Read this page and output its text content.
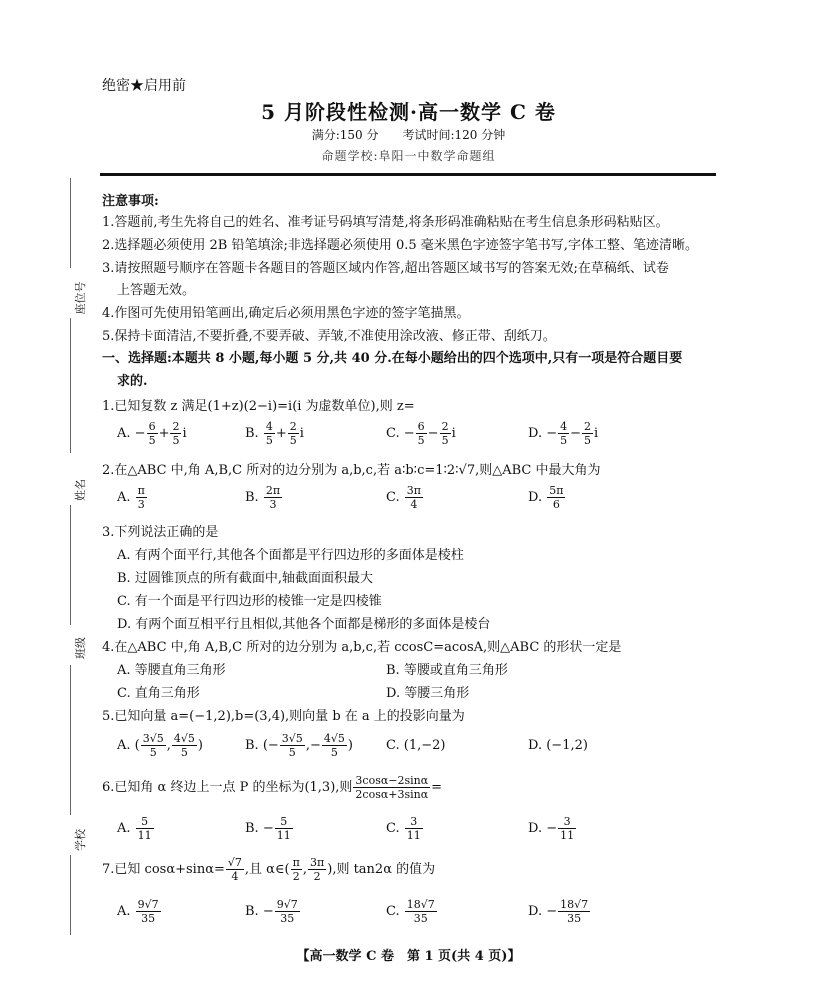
绝密★启用前
5 月阶段性检测·高一数学 C 卷
满分:150 分　　考试时间:120 分钟
命题学校:阜阳一中数学命题组
座位号
姓名
班级
学校
注意事项:
1.答题前,考生先将自己的姓名、准考证号码填写清楚,将条形码准确粘贴在考生信息条形码粘贴区。
2.选择题必须使用 2B 铅笔填涂;非选择题必须使用 0.5 毫米黑色字迹签字笔书写,字体工整、笔迹清晰。
3.请按照题号顺序在答题卡各题目的答题区域内作答,超出答题区域书写的答案无效;在草稿纸、试卷
上答题无效。
4.作图可先使用铅笔画出,确定后必须用黑色字迹的签字笔描黑。
5.保持卡面清洁,不要折叠,不要弄破、弄皱,不准使用涂改液、修正带、刮纸刀。
一、选择题:本题共 8 小题,每小题 5 分,共 40 分.在每小题给出的四个选项中,只有一项是符合题目要
求的.
1.已知复数 z 满足(1+z)(2−i)=i(i 为虚数单位),则 z=
A. − $\frac{6}{5} + \frac{2}{5}$ i	B. $\frac{4}{5} + \frac{2}{5}$ i	C. − $\frac{6}{5} - \frac{2}{5}$ i	D. − $\frac{4}{5} - \frac{2}{5}$ i
2.在△ABC 中,角 A,B,C 所对的边分别为 a,b,c,若 a∶b∶c=1∶2∶√7,则△ABC 中最大角为
A. $\frac{\pi}{3}$	B. $\frac{2\pi}{3}$	C. $\frac{3\pi}{4}$	D. $\frac{5\pi}{6}$
3.下列说法正确的是
A. 有两个面平行,其他各个面都是平行四边形的多面体是棱柱
B. 过圆锥顶点的所有截面中,轴截面面积最大
C. 有一个面是平行四边形的棱锥一定是四棱锥
D. 有两个面互相平行且相似,其他各个面都是梯形的多面体是棱台
4.在△ABC 中,角 A,B,C 所对的边分别为 a,b,c,若 ccosC=acosA,则△ABC 的形状一定是
A. 等腰直角三角形	B. 等腰或直角三角形
C. 直角三角形	D. 等腰三角形
5.已知向量 a=(−1,2),b=(3,4),则向量 b 在 a 上的投影向量为
A. ( $\frac{3√5}{5}$ , $\frac{4√5}{5}$ )	B. (− $\frac{3√5}{5}$ ,− $\frac{4√5}{5}$ )	C. (1,−2)	D. (−1,2)
6.已知角 α 终边上一点 P 的坐标为(1,3),则 $\frac{3\cos\alpha-2\sin\alpha}{2\cos\alpha+3\sin\alpha}$ =
A. $\frac{5}{11}$	B. − $\frac{5}{11}$	C. $\frac{3}{11}$	D. − $\frac{3}{11}$
7.已知 $\cos\alpha+\sin\alpha= \frac{√7}{4}$ ,且 α∈( $\frac{\pi}{2}$ , $\frac{3\pi}{2}$ ),则 tan2α 的值为
A. $\frac{9√7}{35}$	B. − $\frac{9√7}{35}$	C. $\frac{18√7}{35}$	D. − $\frac{18√7}{35}$
【高一数学 C 卷　第 1 页(共 4 页)】
